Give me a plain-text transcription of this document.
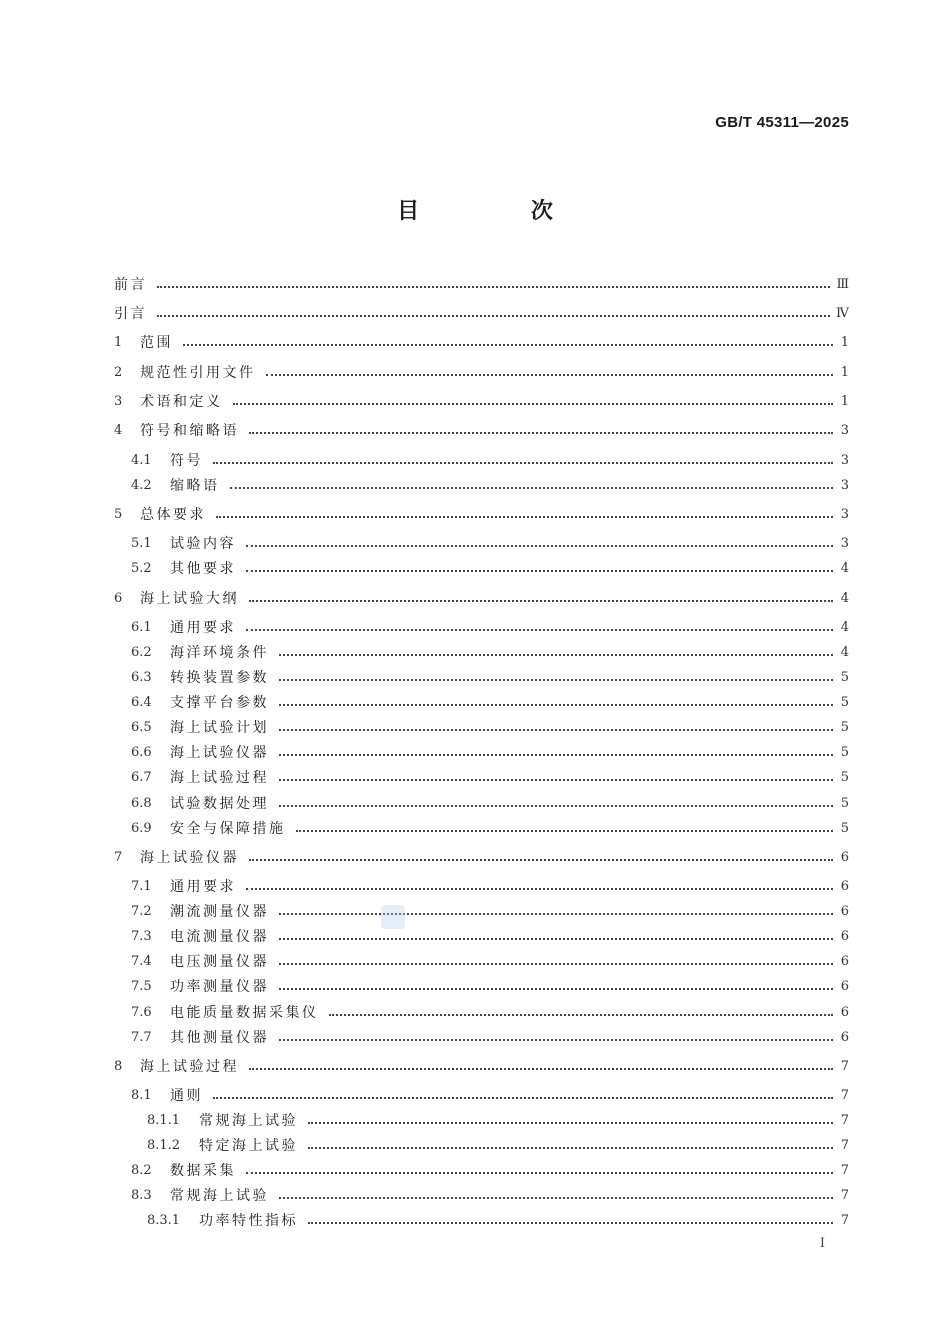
GB/T 45311—2025
目 次
前言	Ⅲ
引言	Ⅳ
1	范围	1
2	规范性引用文件	1
3	术语和定义	1
4	符号和缩略语	3
4.1	符号	3
4.2	缩略语	3
5	总体要求	3
5.1	试验内容	3
5.2	其他要求	4
6	海上试验大纲	4
6.1	通用要求	4
6.2	海洋环境条件	4
6.3	转换装置参数	5
6.4	支撑平台参数	5
6.5	海上试验计划	5
6.6	海上试验仪器	5
6.7	海上试验过程	5
6.8	试验数据处理	5
6.9	安全与保障措施	5
7	海上试验仪器	6
7.1	通用要求	6
7.2	潮流测量仪器	6
7.3	电流测量仪器	6
7.4	电压测量仪器	6
7.5	功率测量仪器	6
7.6	电能质量数据采集仪	6
7.7	其他测量仪器	6
8	海上试验过程	7
8.1	通则	7
8.1.1	常规海上试验	7
8.1.2	特定海上试验	7
8.2	数据采集	7
8.3	常规海上试验	7
8.3.1	功率特性指标	7
I
